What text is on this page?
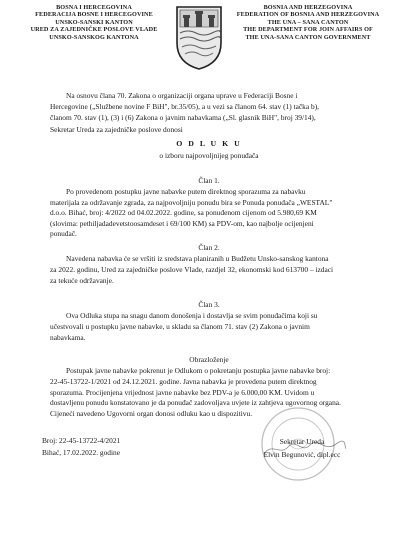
BOSNA I HERCEGOVINA
FEDERACIJA BOSNE I HERCEGOVINE
UNSKO-SANSKI KANTON
URED ZA ZAJEDNIČKE POSLOVE VLADE
UNSKO-SANSKOG KANTONA
BOSNIA AND HERZEGOVINA
FEDERATION OF BOSNIA AND HERZEGOVINA
THE UNA – SANA CANTON
THE DEPARTMENT FOR JOIN AFFAIRS OF
THE UNA-SANA CANTON GOVERNMENT
Na osnovu člana 70. Zakona o organizaciji organa uprave u Federaciji Bosne i
Hercegovine („Službene novine F BiH", br.35/05), a u vezi sa članom 64. stav (1) tačka b),
članom 70. stav (1), (3) i (6) Zakona o javnim nabavkama („Sl. glasnik BiH", broj 39/14),
Sekretar Ureda za zajedničke poslove donosi
O D L U K U
o izboru najpovoljnijeg ponuđača
Član 1.
Po provedenom postupku javne nabavke putem direktnog sporazuma za nabavku
materijala za održavanje zgrada, za najpovoljniju ponudu bira se Ponuda ponuđača „WESTAL"
d.o.o. Bihać, broj: 4/2022 od 04.02.2022. godine, sa ponuđenom cijenom od 5.980,69 KM
(slovima: pethiljadadevetstoosamdeset i 69/100 KM) sa PDV-om, kao najbolje ocijenjeni
ponuđač.
Član 2.
Navedena nabavka će se vršiti iz sredstava planiranih u Budžetu Unsko-sanskog kantona
za 2022. godinu, Ured za zajedničke poslove Vlade, razdjel 32, ekonomski kod 613700 – izdaci
za tekuće održavanje.
Član 3.
Ova Odluka stupa na snagu danom donošenja i dostavlja se svim ponuđačima koji su
učestvovali u postupku javne nabavke, u skladu sa članom 71. stav (2) Zakona o javnim
nabavkama.
Obrazloženje
Postupak javne nabavke pokrenut je Odlukom o pokretanju postupka javne nabavke broj:
22-45-13722-1/2021 od 24.12.2021. godine. Javna nabavka je provedena putem direktnog
sporazuma. Procijenjena vrijednost javne nabavke bez PDV-a je 6.000,00 KM. Uvidom u
dostavljenu ponudu konstatovano je da ponuđač zadovoljava uvjete iz zahtjeva ugovornog organa.
Cijeneći navedeno Ugovorni organ donosi odluku kao u dispozitivu.
Broj: 22-45-13722-4/2021
Bihać, 17.02.2022. godine
Sekretar Ureda
Elvin Begunović, dipl.ecc
